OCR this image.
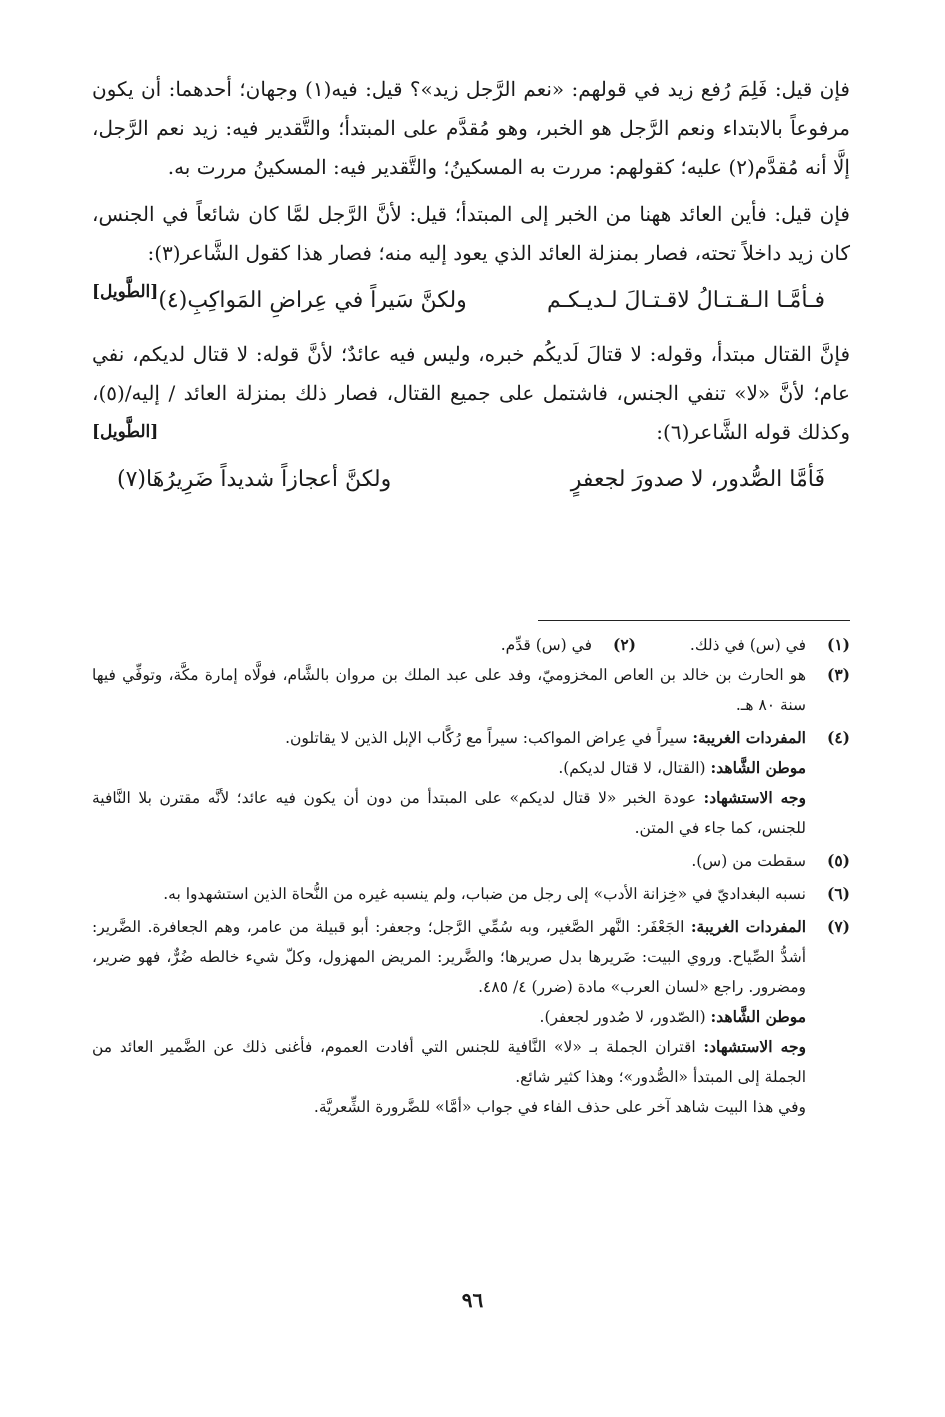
فإن قيل: فَلِمَ رُفع زيد في قولهم: «نعم الرَّجل زيد»؟ قيل: فيه(١) وجهان؛ أحدهما: أن يكون مرفوعاً بالابتداء ونعم الرَّجل هو الخبر، وهو مُقدَّم على المبتدأ؛ والتَّقدير فيه: زيد نعم الرَّجل، إلَّا أنه مُقدَّم(٢) عليه؛ كقولهم: مررت به المسكينُ؛ والتَّقدير فيه: المسكينُ مررت به.

فإن قيل: فأين العائد ههنا من الخبر إلى المبتدأ؛ قيل: لأنَّ الرَّجل لمَّا كان شائعاً في الجنس، كان زيد داخلاً تحته، فصار بمنزلة العائد الذي يعود إليه منه؛ فصار هذا كقول الشَّاعر(٣):
[الطَّويل]	فـأمَّـا الـقـتـالُ لاقـتـالَ لـديـكـم
ولكنَّ سَيراً في عِراضِ المَواكِبِ(٤)

فإنَّ القتال مبتدأ، وقوله: لا قتالَ لَديكُم خبره، وليس فيه عائدٌ؛ لأنَّ قوله: لا قتال لديكم، نفي عام؛ لأنَّ «لا» تنفي الجنس، فاشتمل على جميع القتال، فصار ذلك بمنزلة العائد / إليه/(٥)، وكذلك قوله الشَّاعر(٦):
[الطَّويل]

فَأمَّا الصُّدور، لا صدورَ لجعفرٍ
ولكنَّ أعجازاً شديداً ضَرِيرُهَا(٧)
(١)
في (س) في ذلك.
(٢)
في (س) قدِّم.
(٣)
هو الحارث بن خالد بن العاص المخزوميّ، وفد على عبد الملك بن مروان بالشَّام، فولَّاه إمارة مكَّة، وتوفِّي فيها سنة ٨٠ هـ.
(٤)
المفردات الغريبة: سيراً في عِراض المواكب: سيراً مع رُكَّاب الإبل الذين لا يقاتلون.
موطن الشَّاهد: (القتال، لا قتال لديكم).
وجه الاستشهاد: عودة الخبر «لا قتال لديكم» على المبتدأ من دون أن يكون فيه عائد؛ لأنَّه مقترن بلا النَّافية للجنس، كما جاء في المتن.
(٥)
سقطت من (س).
(٦)
نسبه البغداديّ في «خِزانة الأدب» إلى رجل من ضباب، ولم ينسبه غيره من النُّحاة الذين استشهدوا به.
(٧)
المفردات الغريبة: الجَعْفَر: النَّهر الصَّغير، وبه سُمِّي الرَّجل؛ وجعفر: أبو قبيلة من عامر، وهم الجعافرة. الضَّرير: أشدُّ الصِّياح. وروي البيت: ضَريرها بدل صريرها؛ والضَّرير: المريض المهزول، وكلّ شيء خالطه ضُرٌّ، فهو ضرير، ومضرور. راجع «لسان العرب» مادة (ضرر) ٤/ ٤٨٥.
موطن الشَّاهد: (الصّدور، لا صُدور لجعفر).
وجه الاستشهاد: اقتران الجملة بـ «لا» النَّافية للجنس التي أفادت العموم، فأغنى ذلك عن الضَّمير العائد من الجملة إلى المبتدأ «الصُّدور»؛ وهذا كثير شائع.
وفي هذا البيت شاهد آخر على حذف الفاء في جواب «أمَّا» للضَّرورة الشِّعريَّة.
٩٦
